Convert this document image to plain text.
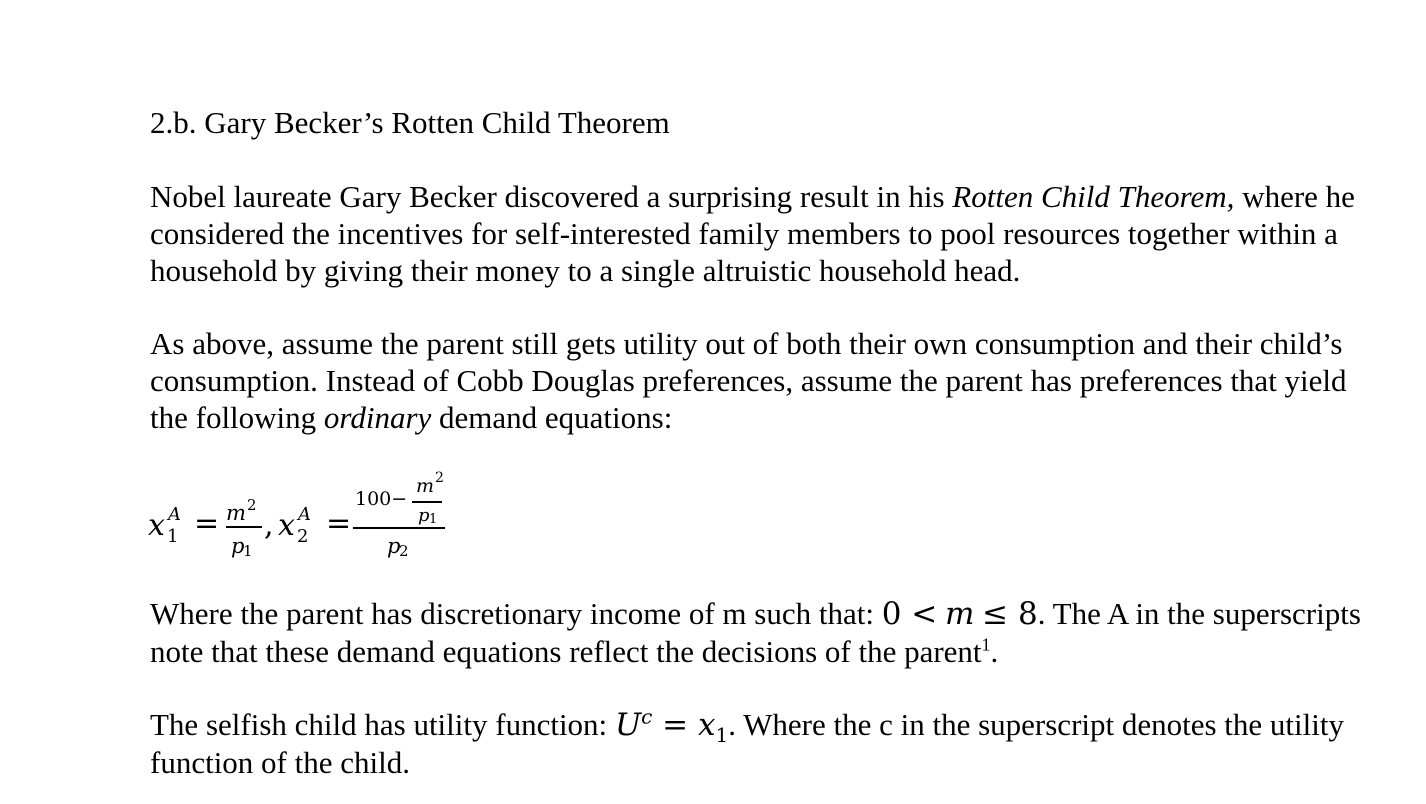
2.b. Gary Becker’s Rotten Child Theorem
Nobel laureate Gary Becker discovered a surprising result in his Rotten Child Theorem, where he
considered the incentives for self-interested family members to pool resources together within a
household by giving their money to a single altruistic household head.
As above, assume the parent still gets utility out of both their own consumption and their child’s
consumption. Instead of Cobb Douglas preferences, assume the parent has preferences that yield
the following ordinary demand equations:
x A
1 = m 2
p
1
, x A
2 =
100−
m 2
p 1
p
2
Where the parent has discretionary income of m such that: 0 < m ≤ 8. The A in the superscripts
note that these demand equations reflect the decisions of the parent$^1$.
The selfish child has utility function: $U^c = x_1$. Where the c in the superscript denotes the utility
function of the child.
